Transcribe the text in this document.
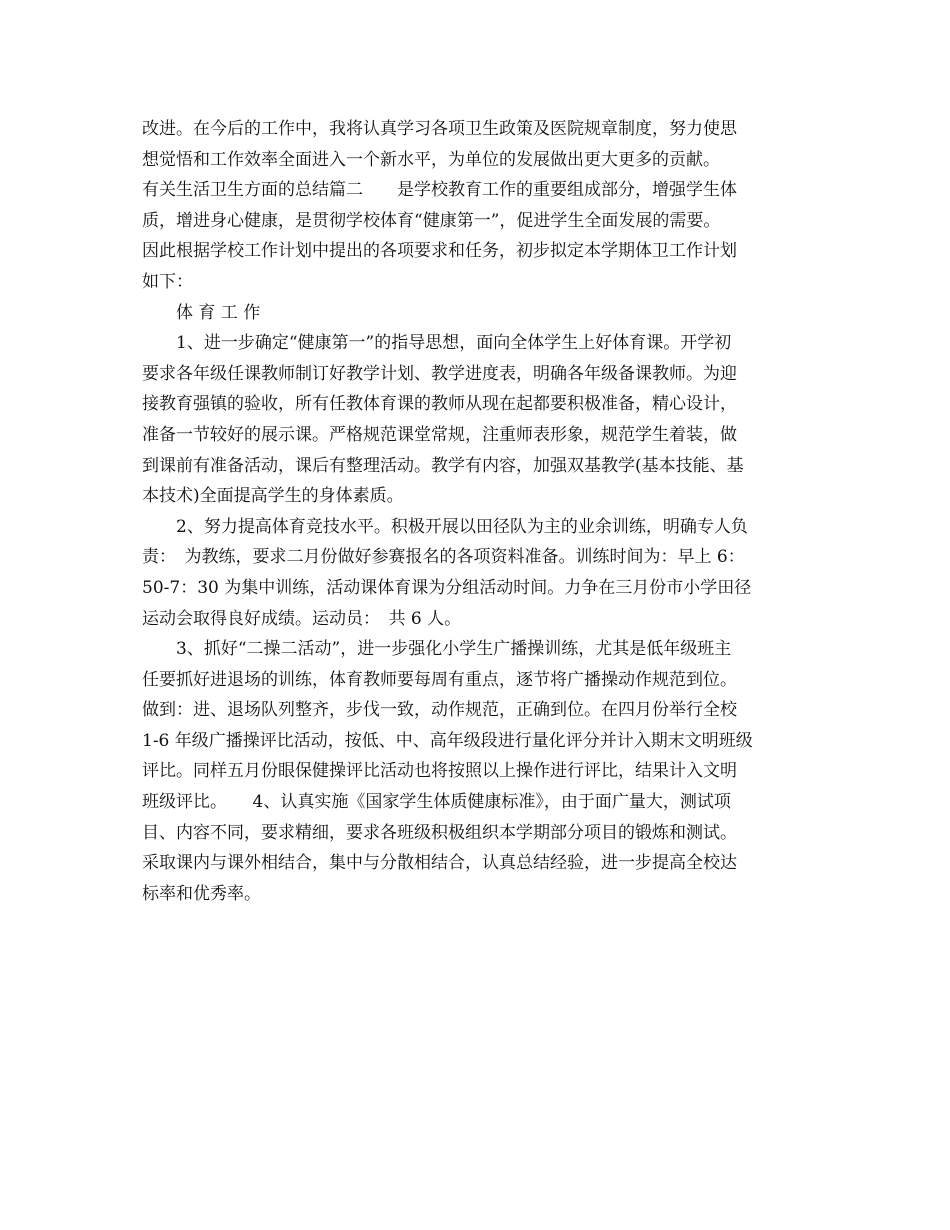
改进。在今后的工作中，我将认真学习各项卫生政策及医院规章制度，努力使思
想觉悟和工作效率全面进入一个新水平，为单位的发展做出更大更多的贡献。
有关生活卫生方面的总结篇二　　是学校教育工作的重要组成部分，增强学生体
质，增进身心健康，是贯彻学校体育“健康第一”，促进学生全面发展的需要。
因此根据学校工作计划中提出的各项要求和任务，初步拟定本学期体卫工作计划
如下：
体 育 工 作
1、进一步确定“健康第一”的指导思想，面向全体学生上好体育课。开学初
要求各年级任课教师制订好教学计划、教学进度表，明确各年级备课教师。为迎
接教育强镇的验收，所有任教体育课的教师从现在起都要积极准备，精心设计，
准备一节较好的展示课。严格规范课堂常规，注重师表形象，规范学生着装，做
到课前有准备活动，课后有整理活动。教学有内容，加强双基教学(基本技能、基
本技术)全面提高学生的身体素质。
2、努力提高体育竞技水平。积极开展以田径队为主的业余训练，明确专人负
责：　为教练，要求二月份做好参赛报名的各项资料准备。训练时间为：早上 6：
50-7：30 为集中训练，活动课体育课为分组活动时间。力争在三月份市小学田径
运动会取得良好成绩。运动员：　共 6 人。
3、抓好“二操二活动”，进一步强化小学生广播操训练，尤其是低年级班主
任要抓好进退场的训练，体育教师要每周有重点，逐节将广播操动作规范到位。
做到：进、退场队列整齐，步伐一致，动作规范，正确到位。在四月份举行全校
1-6 年级广播操评比活动，按低、中、高年级段进行量化评分并计入期末文明班级
评比。同样五月份眼保健操评比活动也将按照以上操作进行评比，结果计入文明
班级评比。　　4、认真实施《国家学生体质健康标准》，由于面广量大，测试项
目、内容不同，要求精细，要求各班级积极组织本学期部分项目的锻炼和测试。
采取课内与课外相结合，集中与分散相结合，认真总结经验，进一步提高全校达
标率和优秀率。
